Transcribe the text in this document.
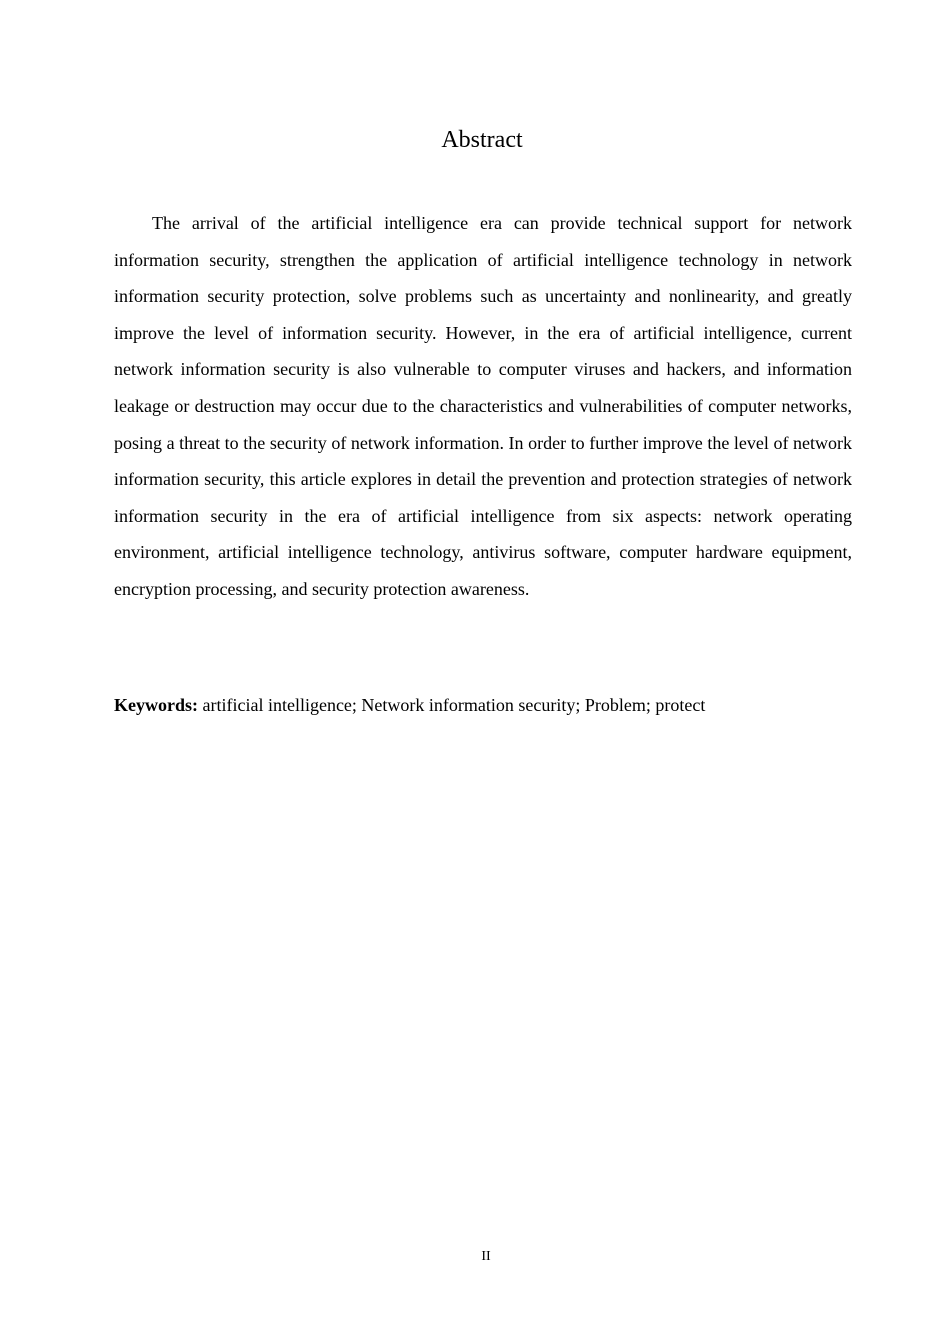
Abstract

The arrival of the artificial intelligence era can provide technical support for network information security, strengthen the application of artificial intelligence technology in network information security protection, solve problems such as uncertainty and nonlinearity, and greatly improve the level of information security. However, in the era of artificial intelligence, current network information security is also vulnerable to computer viruses and hackers, and information leakage or destruction may occur due to the characteristics and vulnerabilities of computer networks, posing a threat to the security of network information. In order to further improve the level of network information security, this article explores in detail the prevention and protection strategies of network information security in the era of artificial intelligence from six aspects: network operating environment, artificial intelligence technology, antivirus software, computer hardware equipment, encryption processing, and security protection awareness.

Keywords: artificial intelligence; Network information security; Problem; protect

II
